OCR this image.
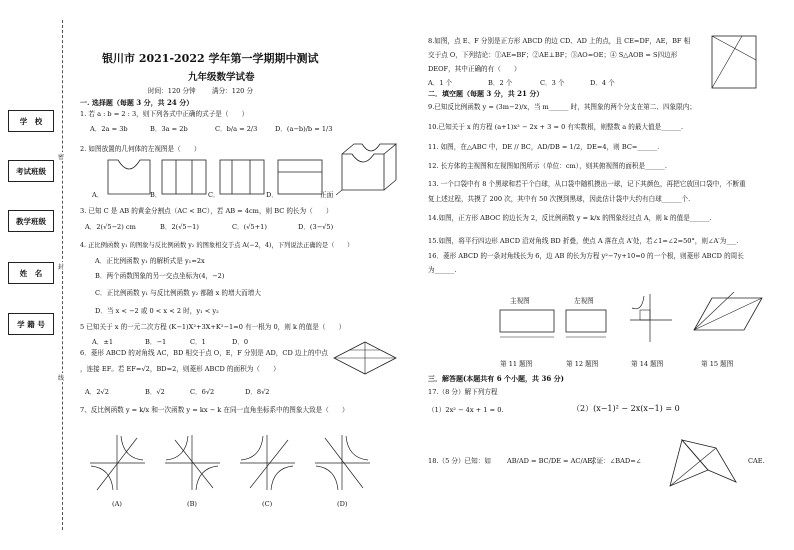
学　校
考试班级
教学班级
姓　名
学 籍 号
密
封
线
银川市 2021-2022 学年第一学期期中测试
九年级数学试卷
时间：120 分钟 满分：120 分
一. 选择题（每题 3 分，共 24 分）
1. 若 a : b = 2 : 3，则下列各式中正确的式子是（　　）
A．2a = 3b	B．3a = 2b	C．b/a = 2/3	D．(a−b)/b = 1/3
2. 如图放置的几何体的左视图是（　　）
A．	B．	C．	D．	正面
3. 已知 C 是 AB 的黄金分割点（AC < BC），若 AB = 4cm，则 BC 的长为（　　）
A．2(√5−2) cm	B．2(√5−1)	C．(√5+1)	D．(3−√5)
4. 正比例函数 y₁ 的图象与反比例函数 y₂ 的图象相交于点 A(−2，4)，下列说法正确的是（　　）
A．正比例函数 y₁ 的解析式是 y₁=2x
B．两个函数图象的另一交点坐标为(4，−2)
C．正比例函数 y₁ 与反比例函数 y₂ 都随 x 的增大而增大
D．当 x < −2 或 0 < x < 2 时，y₁ < y₂
5 已知关于 x 的一元二次方程 (K−1)X²+3X+K²−1=0 有一根为 0，则 k 的值是（　　）
A．±1	B．−1	C．1	D．0
6．菱形 ABCD 的对角线 AC，BD 相交于点 O，E，F 分别是 AD，CD 边上的中点
，连接 EF。若 EF=√2，BD=2，则菱形 ABCD 的面积为（　　）
A．2√2	B．√2	C．6√2	D．8√2
7、反比例函数 y = k/x 和一次函数 y = kx − k 在同一直角坐标系中的图象大致是（　　）
(A)	(B)	(C)	(D)
8.如图，点 E、F 分别是正方形 ABCD 的边 CD、AD 上的点，且 CE=DF，AE，BF 相
交于点 O，下列结论：①AE=BF；②AE⊥BF；③AO=OE；④ S△AOB = S四边形
DEOF，其中正确的有（　　）
A．1 个	B．2 个	C．3 个	D．4 个
二．填空题（每题 3 分，共 21 分）
9.已知反比例函数 y = (3m−2)/x，当 m______ 时，其图象的两个分支在第二、四象限内；
10.已知关于 x 的方程 (a+1)x² − 2x + 3 = 0 有实数根，则整数 a 的最大值是______.
11. 如图，在△ABC 中，DE // BC，AD/DB = 1/2，DE=4，则 BC=______.
12. 长方体的主视图和左视图如图所示（单位：cm），则其俯视图的面积是______.
13. 一个口袋中有 8 个黑球和若干个白球，从口袋中随机摸出一球，记下其颜色，再把它放回口袋中，不断重
复上述过程，共摸了 200 次，其中有 50 次摸到黑球，因此估计袋中大约有白球______个.
14.如图，正方形 ABOC 的边长为 2，反比例函数 y = k/x 的图象经过点 A，则 k 的值是______.
15.如图，将平行四边形 ABCD 沿对角线 BD 折叠，使点 A 落在点 A′处，若∠1=∠2=50°，则∠A′为___.
16．菱形 ABCD 的一条对角线长为 6，边 AB 的长为方程 y²−7y+10=0 的一个根，则菱形 ABCD 的周长
为______.
主视图	左视图
第 11 题图	第 12 题图	第 14 题图	第 15 题图
三．解答题(本题共有 6 个小题，共 36 分)
17.（8 分）解下列方程
（1）2x² − 4x + 1 = 0.	（2）(x−1)² − 2x(x−1) = 0
18.（5 分）已知：如 AB/AD = BC/DE = AC/AE，
求证：∠BAD=∠	CAE.
